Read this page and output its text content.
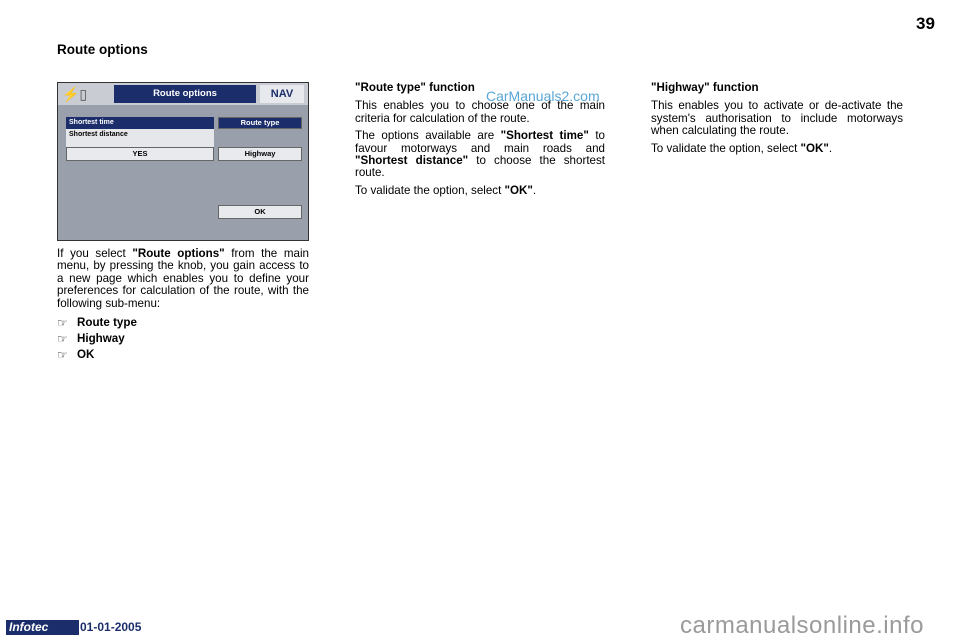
39
Route options
⚡▯	Route options	NAV
Shortest time
Shortest distance
Route type
YES	Highway
OK

If you select "Route options" from the main menu, by pressing the knob, you gain access to a new page which enables you to define your preferences for calculation of the route, with the following sub-menu:

☞ Route type
☞ Highway
☞ OK
"Route type" function

This enables you to choose one of the main criteria for calculation of the route.

The options available are "Shortest time" to favour motorways and main roads and "Shortest distance" to choose the shortest route.

To validate the option, select "OK".

"Highway" function

This enables you to activate or de-activate the system's authorisation to include motorways when calculating the route.

To validate the option, select "OK".

CarManuals2.com
Infotec	01-01-2005	carmanualsonline.info
